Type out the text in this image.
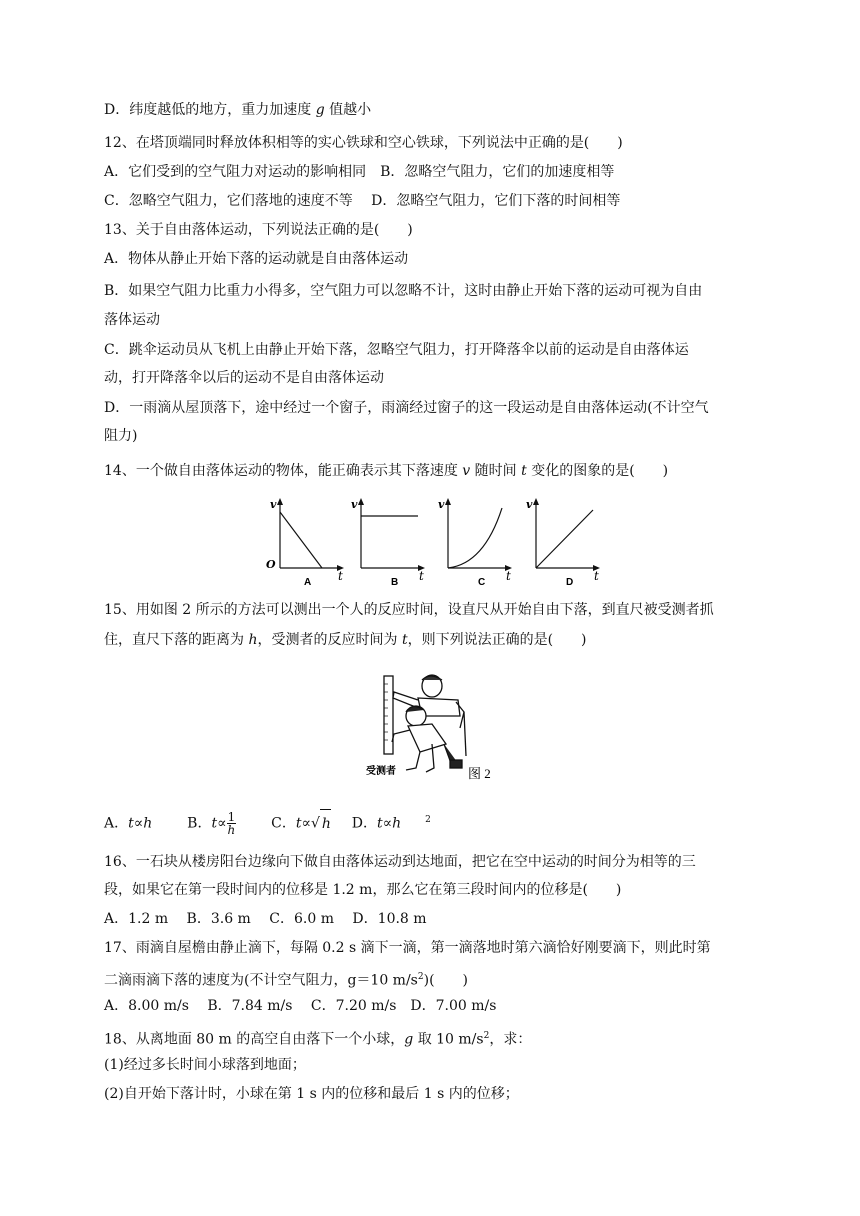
D．纬度越低的地方，重力加速度 g 值越小
12、在塔顶端同时释放体积相等的实心铁球和空心铁球，下列说法中正确的是(　　)
A．它们受到的空气阻力对运动的影响相同　B．忽略空气阻力，它们的加速度相等
C．忽略空气阻力，它们落地的速度不等　 D．忽略空气阻力，它们下落的时间相等
13、关于自由落体运动，下列说法正确的是(　　)
A．物体从静止开始下落的运动就是自由落体运动
B．如果空气阻力比重力小得多，空气阻力可以忽略不计，这时由静止开始下落的运动可视为自由
落体运动
C．跳伞运动员从飞机上由静止开始下落，忽略空气阻力，打开降落伞以前的运动是自由落体运
动，打开降落伞以后的运动不是自由落体运动
D．一雨滴从屋顶落下，途中经过一个窗子，雨滴经过窗子的这一段运动是自由落体运动(不计空气
阻力)
14、一个做自由落体运动的物体，能正确表示其下落速度 v 随时间 t 变化的图象的是(　　)
v
O
t
A
v
t
B
v
t
C
v
t
D
15、用如图 2 所示的方法可以测出一个人的反应时间，设直尺从开始自由下落，到直尺被受测者抓
住，直尺下落的距离为 h，受测者的反应时间为 t，则下列说法正确的是(　　)
受测者	图 2
A．t∝h B．$t\propto \frac{1}{h}$ C．t∝√ h D．t∝h	$^2$
16、一石块从楼房阳台边缘向下做自由落体运动到达地面，把它在空中运动的时间分为相等的三
段，如果它在第一段时间内的位移是 1.2 m，那么它在第三段时间内的位移是(　　)
A．1.2 m　 B．3.6 m　 C．6.0 m　 D．10.8 m
17、雨滴自屋檐由静止滴下，每隔 0.2 s 滴下一滴，第一滴落地时第六滴恰好刚要滴下，则此时第
二滴雨滴下落的速度为(不计空气阻力，g＝10 $m/s^2$)(　　)
A．8.00 m/s　 B．7.84 m/s　 C．7.20 m/s　D．7.00 m/s
18、从离地面 80 m 的高空自由落下一个小球，g 取 10 $m/s^2$，求：
(1)经过多长时间小球落到地面；
(2)自开始下落计时，小球在第 1 s 内的位移和最后 1 s 内的位移；
